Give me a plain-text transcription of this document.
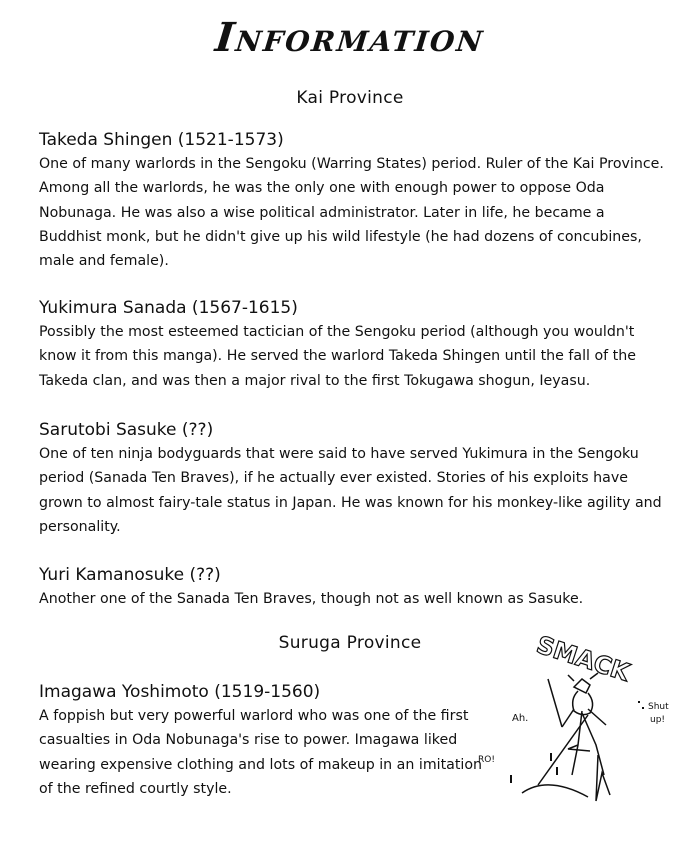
Information
Kai Province

Takeda Shingen (1521-1573)

One of many warlords in the Sengoku (Warring States) period. Ruler of the Kai Province. Among all the warlords, he was the only one with enough power to oppose Oda Nobunaga. He was also a wise political administrator. Later in life, he became a Buddhist monk, but he didn't give up his wild lifestyle (he had dozens of concubines, male and female).

Yukimura Sanada (1567-1615)

Possibly the most esteemed tactician of the Sengoku period (although you wouldn't know it from this manga). He served the warlord Takeda Shingen until the fall of the Takeda clan, and was then a major rival to the first Tokugawa shogun, Ieyasu.

Sarutobi Sasuke (??)

One of ten ninja bodyguards that were said to have served Yukimura in the Sengoku period (Sanada Ten Braves), if he actually ever existed. Stories of his exploits have grown to almost fairy-tale status in Japan. He was known for his monkey-like agility and personality.

Yuri Kamanosuke (??)

Another one of the Sanada Ten Braves, though not as well known as Sasuke.

Suruga Province

Imagawa Yoshimoto (1519-1560)

A foppish but very powerful warlord who was one of the first casualties in Oda Nobunaga's rise to power. Imagawa liked wearing expensive clothing and lots of makeup in an imitation of the refined courtly style.

SMACK
Ah.
Shut
up!
RO!
